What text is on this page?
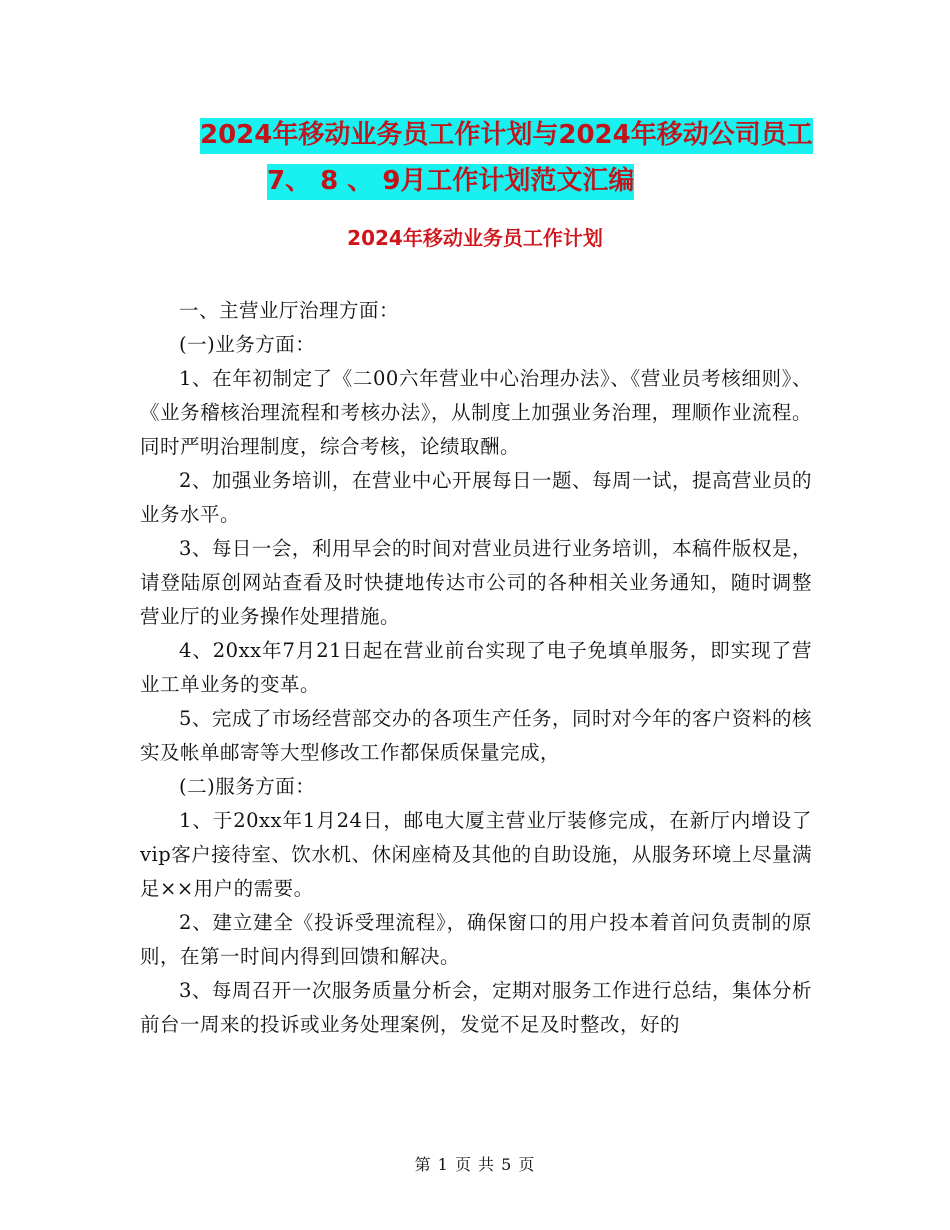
2024年移动业务员工作计划与2024年移动公司员工
7、 8 、 9月工作计划范文汇编
2024年移动业务员工作计划

一、主营业厅治理方面：

(一)业务方面：

1、在年初制定了《二00六年营业中心治理办法》、《营业员考核细则》、《业务稽核治理流程和考核办法》，从制度上加强业务治理，理顺作业流程。同时严明治理制度，综合考核，论绩取酬。

2、加强业务培训，在营业中心开展每日一题、每周一试，提高营业员的业务水平。

3、每日一会，利用早会的时间对营业员进行业务培训，本稿件版权是，请登陆原创网站查看及时快捷地传达市公司的各种相关业务通知，随时调整营业厅的业务操作处理措施。

4、20xx年7月21日起在营业前台实现了电子免填单服务，即实现了营业工单业务的变革。

5、完成了市场经营部交办的各项生产任务，同时对今年的客户资料的核实及帐单邮寄等大型修改工作都保质保量完成，

(二)服务方面：

1、于20xx年1月24日，邮电大厦主营业厅装修完成，在新厅内增设了vip客户接待室、饮水机、休闲座椅及其他的自助设施，从服务环境上尽量满足××用户的需要。

2、建立建全《投诉受理流程》，确保窗口的用户投本着首问负责制的原则，在第一时间内得到回馈和解决。

3、每周召开一次服务质量分析会，定期对服务工作进行总结，集体分析前台一周来的投诉或业务处理案例，发觉不足及时整改，好的

第 1 页 共 5 页
